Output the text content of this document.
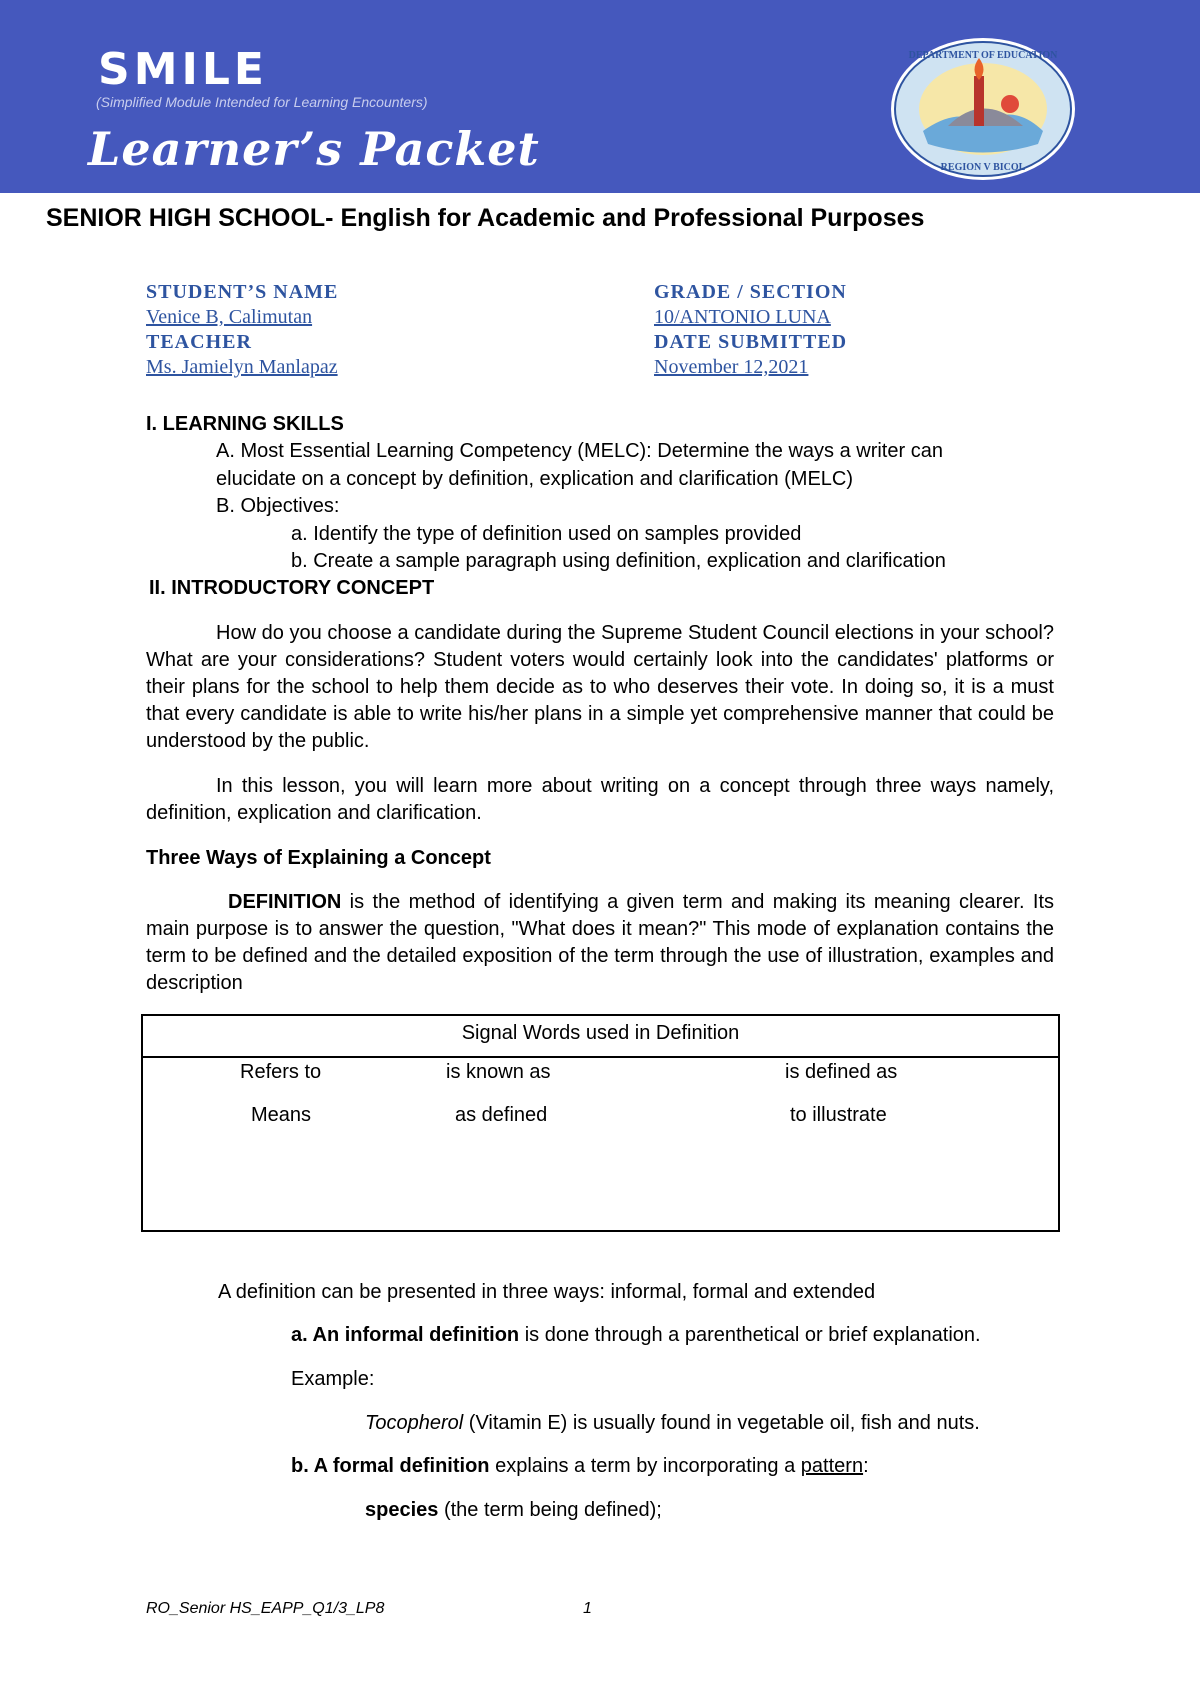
SMILE
(Simplified Module Intended for Learning Encounters)
Learner’s Packet
DEPARTMENT OF EDUCATION
REGION V BICOL
SENIOR HIGH SCHOOL- English for Academic and Professional Purposes
STUDENT’S NAME
Venice B, Calimutan
TEACHER
Ms. Jamielyn Manlapaz
GRADE / SECTION
10/ANTONIO LUNA
DATE SUBMITTED
November 12,2021
I. LEARNING SKILLS
A. Most Essential Learning Competency (MELC): Determine the ways a writer can
elucidate on a concept by definition, explication and clarification (MELC)
B. Objectives:
a. Identify the type of definition used on samples provided
b. Create a sample paragraph using definition, explication and clarification
II. INTRODUCTORY CONCEPT
How do you choose a candidate during the Supreme Student Council elections in your school? What are your considerations? Student voters would certainly look into the candidates' platforms or their plans for the school to help them decide as to who deserves their vote. In doing so, it is a must that every candidate is able to write his/her plans in a simple yet comprehensive manner that could be understood by the public.
In this lesson, you will learn more about writing on a concept through three ways namely, definition, explication and clarification.
Three Ways of Explaining a Concept
DEFINITION is the method of identifying a given term and making its meaning clearer. Its main purpose is to answer the question, "What does it mean?" This mode of explanation contains the term to be defined and the detailed exposition of the term through the use of illustration, examples and description
Signal Words used in Definition
Refers to	is known as	is defined as
Means	as defined	to illustrate
A definition can be presented in three ways: informal, formal and extended
a. An informal definition is done through a parenthetical or brief explanation.
Example:
Tocopherol (Vitamin E) is usually found in vegetable oil, fish and nuts.
b. A formal definition explains a term by incorporating a pattern:
species (the term being defined);
RO_Senior HS_EAPP_Q1/3_LP8	1
